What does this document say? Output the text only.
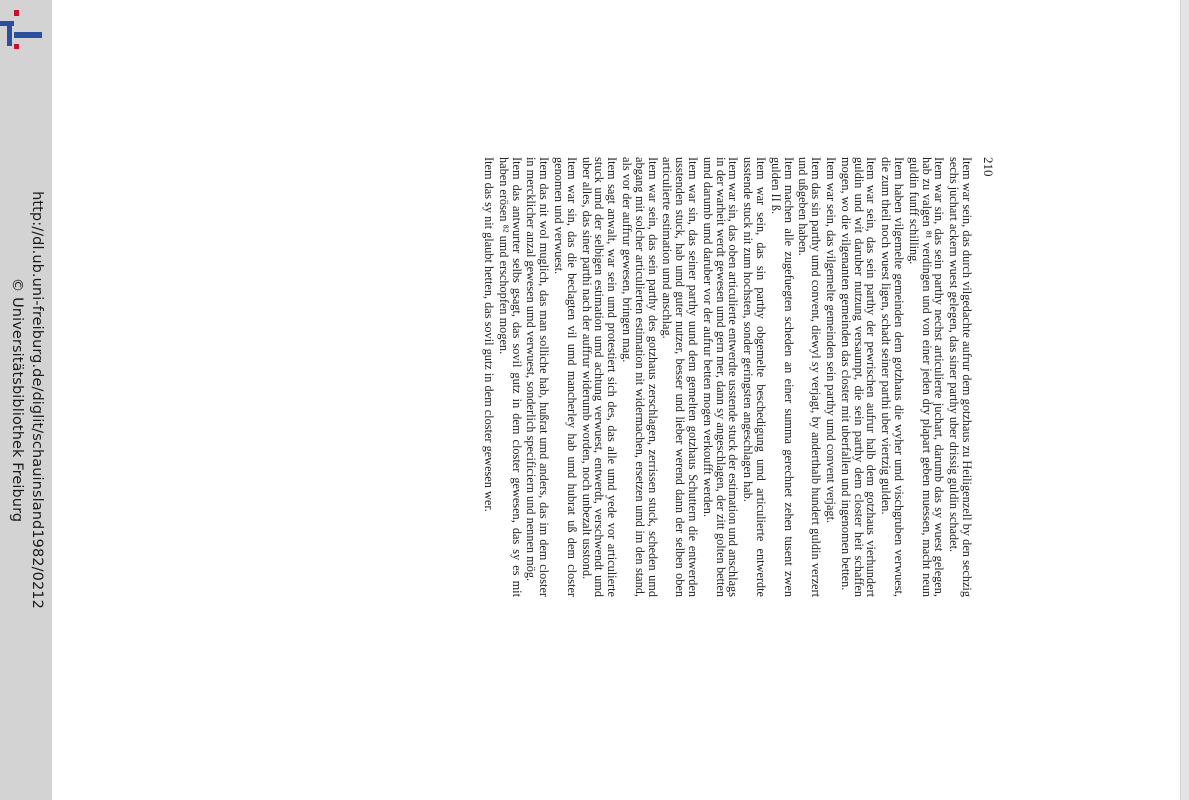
http://dl.ub.uni-freiburg.de/diglit/schauinsland1982/0212
© Universitätsbibliothek Freiburg
210

Item war sein, das durch vilgedachte aufrur dem gotzhaus zu Heiligenzell by den sechzig sechs juchart ackern wuest gelegen, das siner parthy uber drissig guldin schadet.

Item war sin, das sein parthy nechst articulierte juchart, darumb das sy wuest gelegen, hab zu valgen ⁸¹ verdingen und von einer jeden dry plapart geben muessen, macht neun guldin funff schilling.

Item haben vilgemelte gemeinden dem gotzhaus die wyher umd vischgruben verwuest, die zum theil noch wuest ligen, schadt seiner parthi uber viertzig gulden.

Item war sein, das sein parthy der pewrischen aufrur halb dem gotzhaus vierhundert guldin und wit daruber nutzung versaumpt, die sein parthy dem closter heit schaffen mogen, wo die vilgenanten gemeinden das closter mit uberfallen und ingenomen betten.

Item war sein, das vilgemelte gemeinden sein parthy umd convent verjagt.

Item das sin parthy umd convent, diewyl sy verjagt, by anderthalb hundert guldin verzert und ußgeben haben.

Item machen alle zugefuegten scheden an einer summa gerechnet zehen tusent zwen gulden II ß.

Item war sein, das sin parthy obgemelte beschedigung umd articulierte entwerdte usstende stuck nit zum hochsten, sonder geringsten angeschlagen hab.

Item war sin, das oben articulierte entwerdte usstende stuck der estimation und anschlags in der warheit werdt gewesen umd gern mer, dann sy angeschlagen, der zitt golten betten umd darumb umd daruber vor der aufrur betten mogen verkoufft werden.

Item war sin, das seiner parthy uund dem gemelten gotzhaus Schuttern die entwerden usstenden stuck, hab umd guter nutzer, besser und lieber werend dann der selben oben articulierte estimation umd anschlag.

Item war sein, das sein parthy des gotzhaus zerschlagen, zerrissen stuck, scheden umd abgang mit solcher articulierten estimation nit widermachen, ersetzen umd im den stand, als vor der auffrur gewesen, bringen mag.

Item sagt anwalt, war sein umd protestiert sich des, das alle umd yede vor articulierte stuck umd der selbigen estimation umd achtung verwuest, entwerdt, verschwendt umd uber alles, das siner parthi nach der auffrur widerumb worden, noch unbezalt usstond.

Item war sin, das die beclagten vil umd mancherley hab umd hubrat uß dem closter genomen und verwuest.

Item das nit wol muglich, das man solliche hab, hußrat umd anders, das im dem closter in mercklicher anzal gewesen umd verwuest, sonderlich specificiern und nennen mög.

Item das antwurter selbs gsagt, das sovil gutz in dem closter gewesen, das sy es mit haben erösen ⁸² umd erschopfen mogen.

Item das sy nit glaubt hetten, das sovil gutz in dem closter gewesen wer.
